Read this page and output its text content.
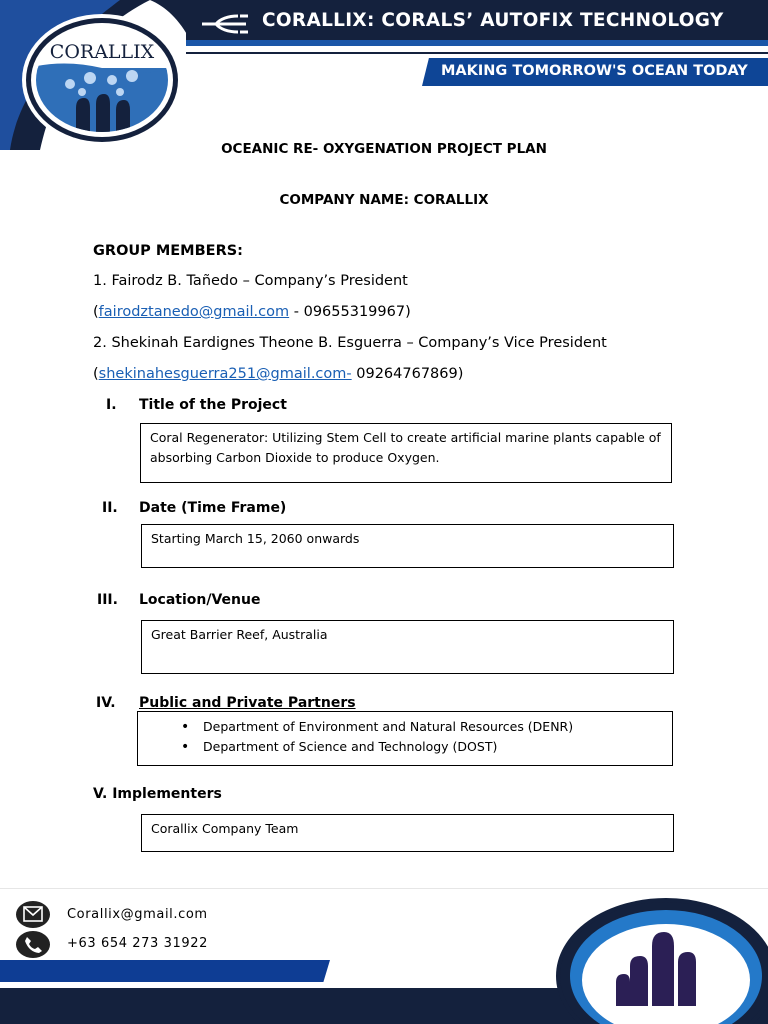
CORALLIX: CORALS’ AUTOFIX TECHNOLOGY
MAKING TOMORROW'S OCEAN TODAY
CORALLIX
OCEANIC RE- OXYGENATION PROJECT PLAN
COMPANY NAME: CORALLIX
GROUP MEMBERS:
1. Fairodz B. Tañedo – Company’s President
(fairodztanedo@gmail.com - 09655319967)
2. Shekinah Eardignes Theone B. Esguerra – Company’s Vice President
(shekinahesguerra251@gmail.com- 09264767869)
I. Title of the Project
Coral Regenerator: Utilizing Stem Cell to create artificial marine plants capable of absorbing Carbon Dioxide to produce Oxygen.
II. Date (Time Frame)
Starting March 15, 2060 onwards
III. Location/Venue
Great Barrier Reef, Australia
IV. Public and Private Partners
• Department of Environment and Natural Resources (DENR)
• Department of Science and Technology (DOST)
V. Implementers
Corallix Company Team
Corallix@gmail.com
+63 654 273 31922
